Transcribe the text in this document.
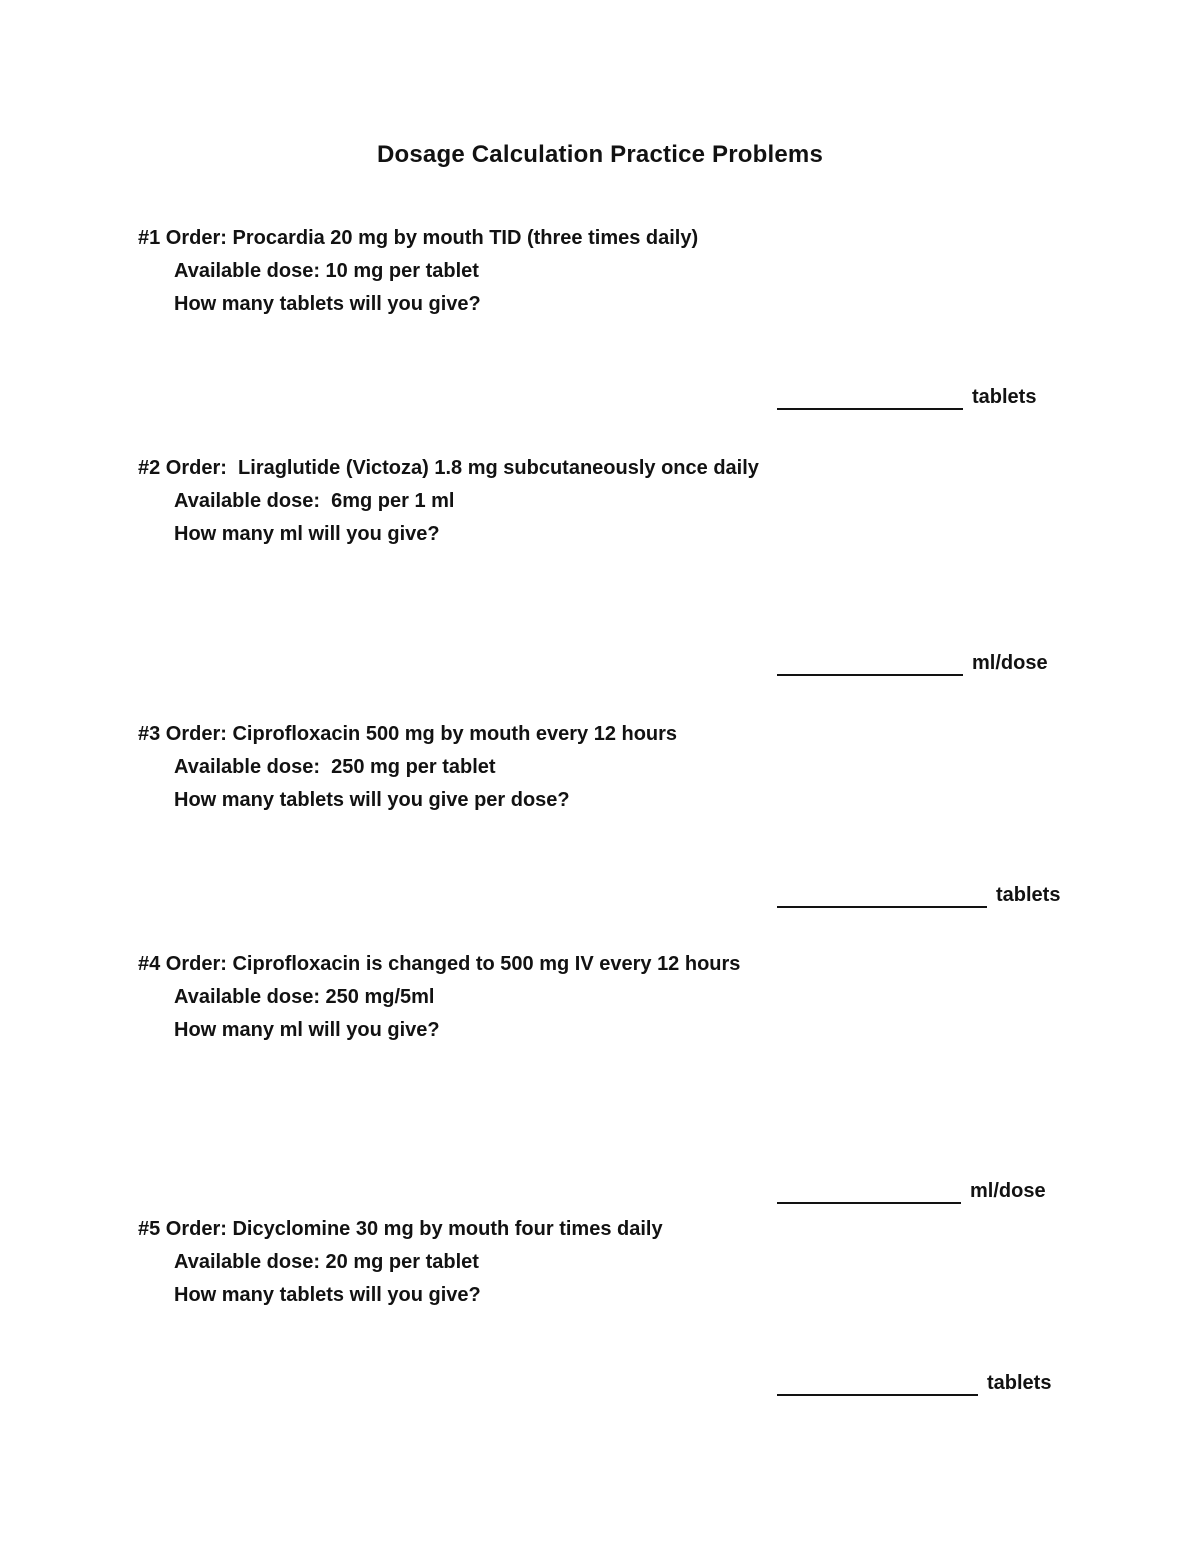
Dosage Calculation Practice Problems
#1 Order: Procardia 20 mg by mouth TID (three times daily)
Available dose: 10 mg per tablet
How many tablets will you give?
tablets
#2 Order:  Liraglutide (Victoza) 1.8 mg subcutaneously once daily
Available dose:  6mg per 1 ml
How many ml will you give?
ml/dose
#3 Order: Ciprofloxacin 500 mg by mouth every 12 hours
Available dose:  250 mg per tablet
How many tablets will you give per dose?
tablets
#4 Order: Ciprofloxacin is changed to 500 mg IV every 12 hours
Available dose: 250 mg/5ml
How many ml will you give?
ml/dose
#5 Order: Dicyclomine 30 mg by mouth four times daily
Available dose: 20 mg per tablet
How many tablets will you give?
tablets
